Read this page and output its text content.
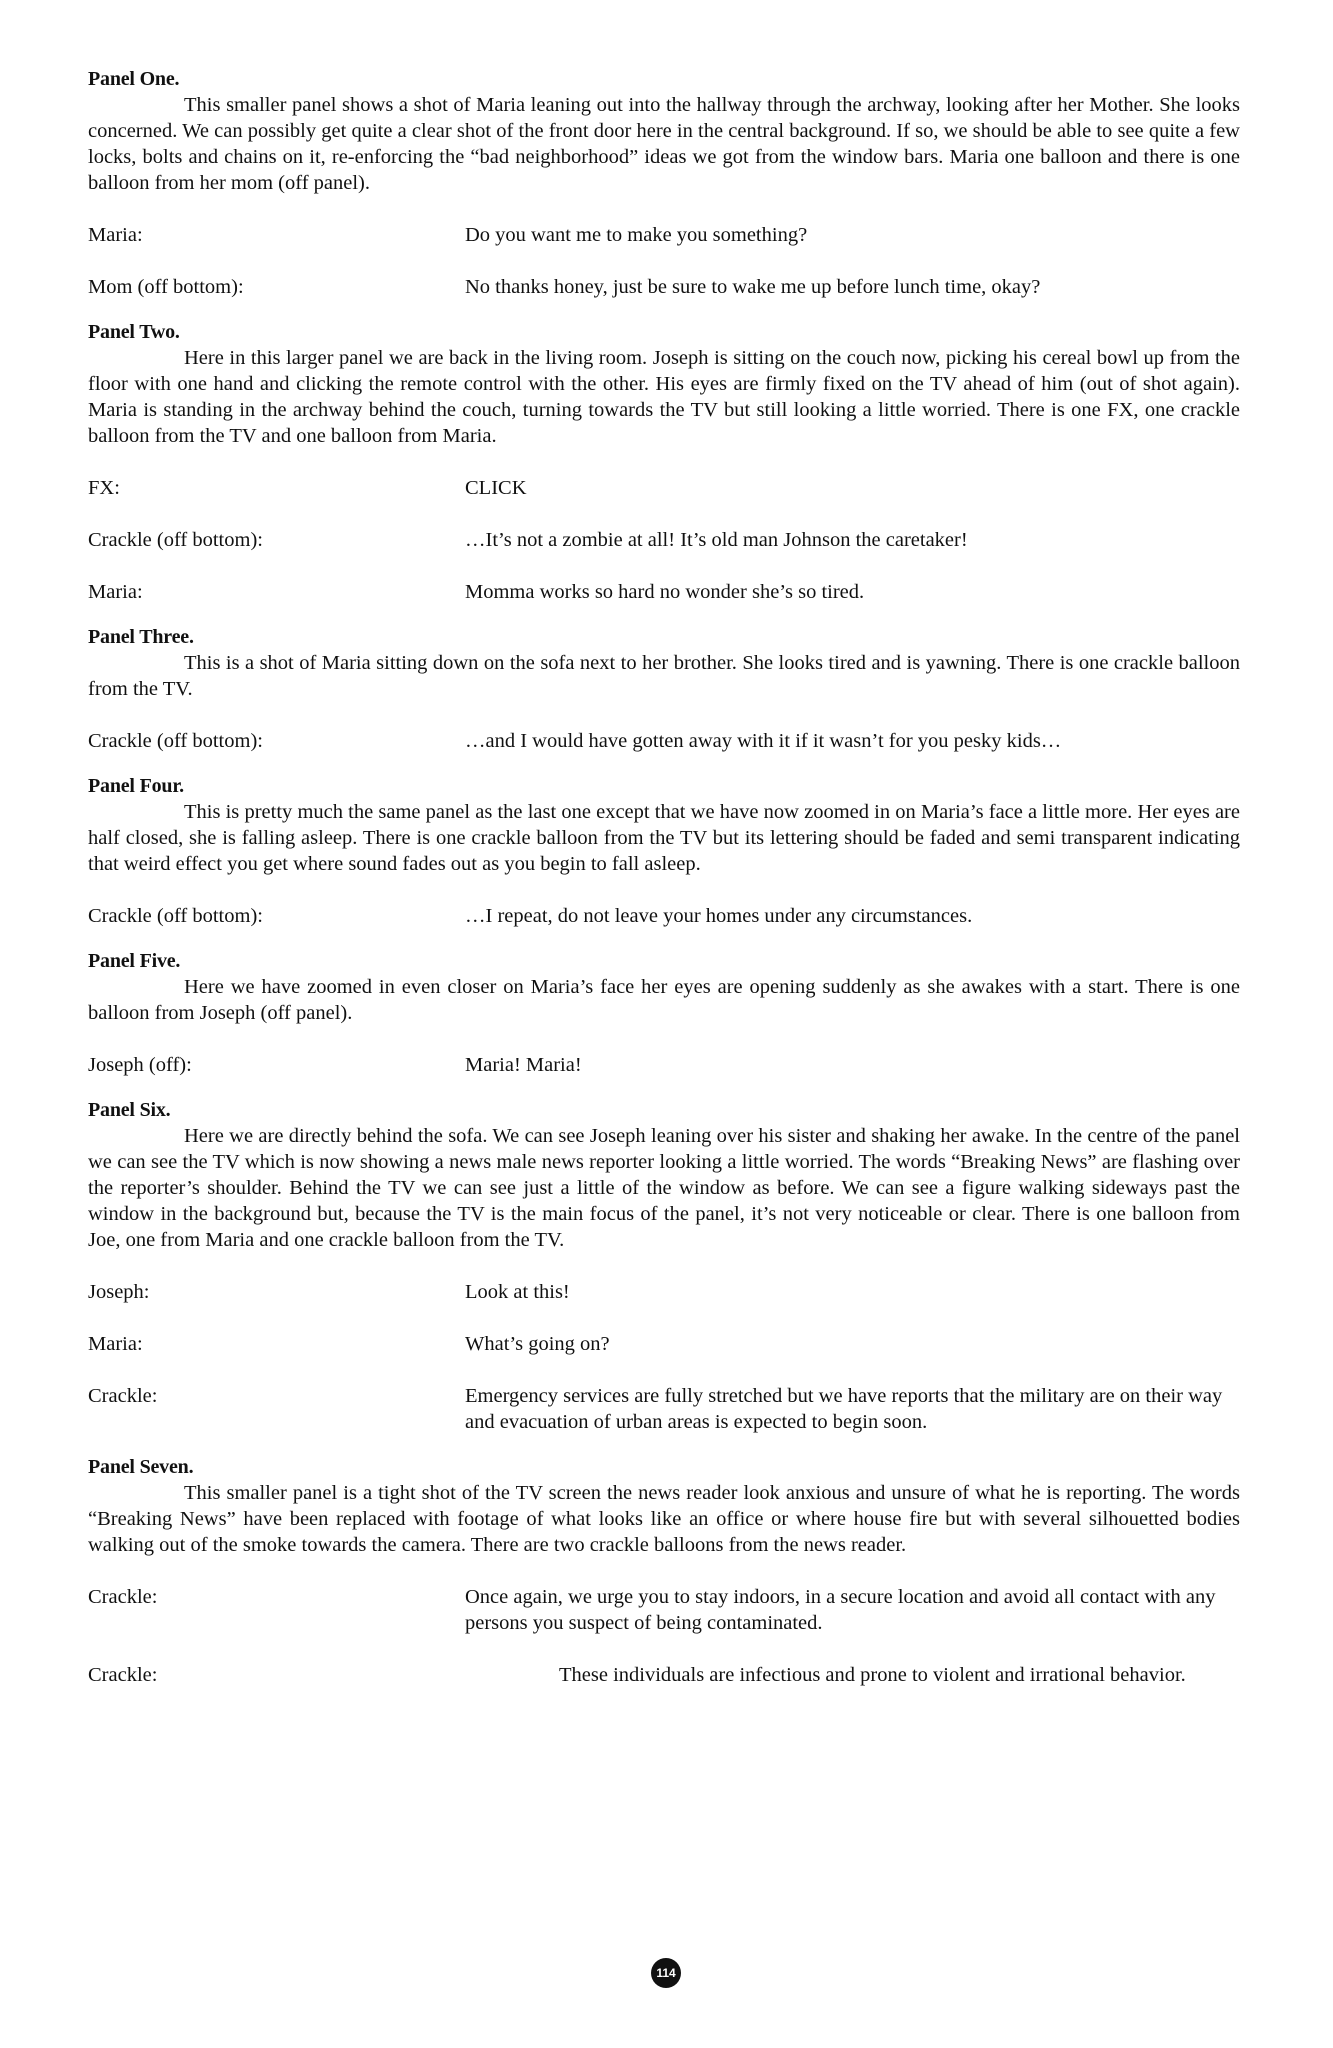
Panel One.
This smaller panel shows a shot of Maria leaning out into the hallway through the archway, looking after her Mother. She looks concerned. We can possibly get quite a clear shot of the front door here in the central background. If so, we should be able to see quite a few locks, bolts and chains on it, re-enforcing the “bad neighborhood” ideas we got from the window bars. Maria one balloon and there is one balloon from her mom (off panel).
Maria:	Do you want me to make you something?
Mom (off bottom):	No thanks honey, just be sure to wake me up before lunch time, okay?
Panel Two.
Here in this larger panel we are back in the living room. Joseph is sitting on the couch now, picking his cereal bowl up from the floor with one hand and clicking the remote control with the other. His eyes are firmly fixed on the TV ahead of him (out of shot again). Maria is standing in the archway behind the couch, turning towards the TV but still looking a little worried. There is one FX, one crackle balloon from the TV and one balloon from Maria.
FX:	CLICK
Crackle (off bottom):	…It’s not a zombie at all! It’s old man Johnson the caretaker!
Maria:	Momma works so hard no wonder she’s so tired.
Panel Three.
This is a shot of Maria sitting down on the sofa next to her brother. She looks tired and is yawning. There is one crackle balloon from the TV.
Crackle (off bottom):	…and I would have gotten away with it if it wasn’t for you pesky kids…
Panel Four.
This is pretty much the same panel as the last one except that we have now zoomed in on Maria’s face a little more. Her eyes are half closed, she is falling asleep. There is one crackle balloon from the TV but its lettering should be faded and semi transparent indicating that weird effect you get where sound fades out as you begin to fall asleep.
Crackle (off bottom):	…I repeat, do not leave your homes under any circumstances.
Panel Five.
Here we have zoomed in even closer on Maria’s face her eyes are opening suddenly as she awakes with a start. There is one balloon from Joseph (off panel).
Joseph (off):	Maria! Maria!
Panel Six.
Here we are directly behind the sofa. We can see Joseph leaning over his sister and shaking her awake. In the centre of the panel we can see the TV which is now showing a news male news reporter looking a little worried. The words “Breaking News” are flashing over the reporter’s shoulder. Behind the TV we can see just a little of the window as before. We can see a figure walking sideways past the window in the background but, because the TV is the main focus of the panel, it’s not very noticeable or clear. There is one balloon from Joe, one from Maria and one crackle balloon from the TV.
Joseph:	Look at this!
Maria:	What’s going on?
Crackle:	Emergency services are fully stretched but we have reports that the military are on their way and evacuation of urban areas is expected to begin soon.
Panel Seven.
This smaller panel is a tight shot of the TV screen the news reader look anxious and unsure of what he is reporting. The words “Breaking News” have been replaced with footage of what looks like an office or where house fire but with several silhouetted bodies walking out of the smoke towards the camera. There are two crackle balloons from the news reader.
Crackle:	Once again, we urge you to stay indoors, in a secure location and avoid all contact with any persons you suspect of being contaminated.
Crackle:	These individuals are infectious and prone to violent and irrational behavior.
114
